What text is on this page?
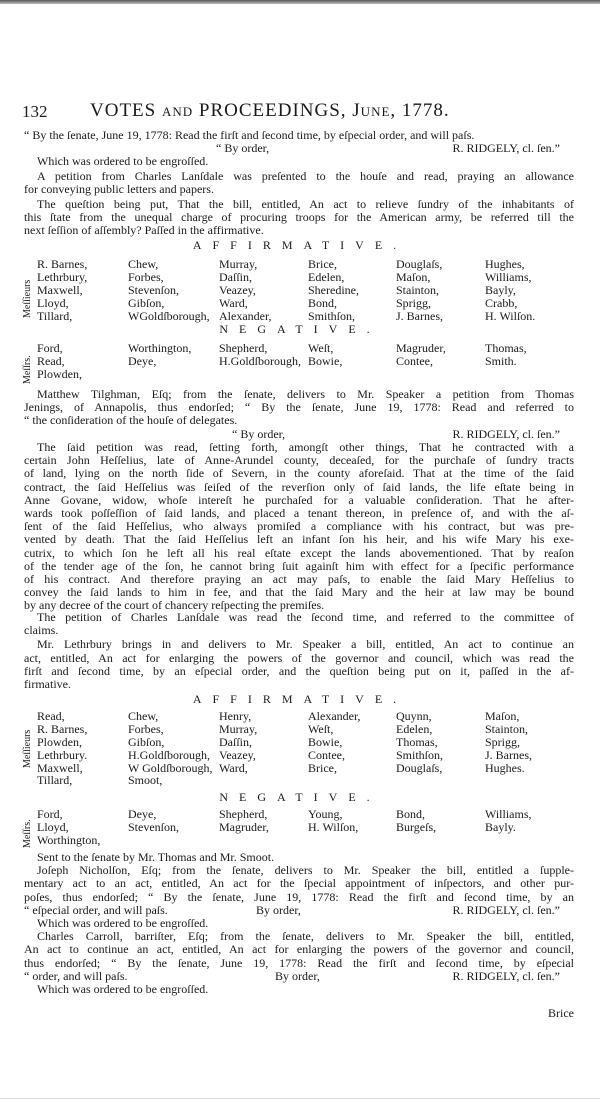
132 VOTES and PROCEEDINGS, June, 1778.
“ By the ſenate, June 19, 1778: Read the firſt and ſecond time, by eſpecial order, and will paſs.
“ By order,	R. RIDGELY, cl. ſen.”
Which was ordered to be engroſſed.
A petition from Charles Lanſdale was preſented to the houſe and read, praying an allowance
for conveying public letters and papers.
The queſtion being put, That the bill, entitled, An act to relieve ſundry of the inhabitants of
this ſtate from the unequal charge of procuring troops for the American army, be referred till the
next ſeſſion of aſſembly? Paſſed in the affirmative.
AFFIRMATIVE.
Meſſieurs
R. Barnes,	Chew,	Murray,	Brice,	Douglaſs,	Hughes,
Lethrbury,	Forbes,	Daſſin,	Edelen,	Maſon,	Williams,
Maxwell,	Stevenſon,	Veazey,	Sheredine,	Stainton,	Bayly,
Lloyd,	Gibſon,	Ward,	Bond,	Sprigg,	Crabb,
Tillard,	WGoldſborough, Alexander,	Smithſon,	J. Barnes,	H. Wilſon.
NEGATIVE.
Meſſrs.
Ford,	Worthington,	Shepherd,	Weſt,	Magruder,	Thomas,
Read,	Deye,	H.Goldſborough, Bowie,	Contee,	Smith.
Plowden,
Matthew Tilghman, Eſq; from the ſenate, delivers to Mr. Speaker a petition from Thomas
Jenings, of Annapolis, thus endorſed; “ By the ſenate, June 19, 1778: Read and referred to
“ the conſideration of the houſe of delegates.
“ By order,	R. RIDGELY, cl. ſen.”
The ſaid petition was read, ſetting forth, amongſt other things, That he contracted with a
certain John Heſſelius, late of Anne-Arundel county, deceaſed, for the purchaſe of ſundry tracts
of land, lying on the north ſide of Severn, in the county aforeſaid. That at the time of the ſaid
contract, the ſaid Heſſelius was ſeiſed of the reverſion only of ſaid lands, the life eſtate being in
Anne Govane, widow, whoſe intereſt he purchaſed for a valuable conſideration. That he after-
wards took poſſeſſion of ſaid lands, and placed a tenant thereon, in preſence of, and with the aſ-
ſent of the ſaid Heſſelius, who always promiſed a compliance with his contract, but was pre-
vented by death. That the ſaid Heſſelius left an infant ſon his heir, and his wife Mary his exe-
cutrix, to which ſon he left all his real eſtate except the lands abovementioned. That by reaſon
of the tender age of the ſon, he cannot bring ſuit againſt him with effect for a ſpecific performance
of his contract. And therefore praying an act may paſs, to enable the ſaid Mary Heſſelius to
convey the ſaid lands to him in fee, and that the ſaid Mary and the heir at law may be bound
by any decree of the court of chancery reſpecting the premiſes.
The petition of Charles Lanſdale was read the ſecond time, and referred to the committee of
claims.
Mr. Lethrbury brings in and delivers to Mr. Speaker a bill, entitled, An act to continue an
act, entitled, An act for enlarging the powers of the governor and council, which was read the
firſt and ſecond time, by an eſpecial order, and the queſtion being put on it, paſſed in the af-
firmative.
AFFIRMATIVE.
Meſſieurs
Read,	Chew,	Henry,	Alexander,	Quynn,	Maſon,
R. Barnes,	Forbes,	Murray,	Weſt,	Edelen,	Stainton,
Plowden,	Gibſon,	Daſſin,	Bowie,	Thomas,	Sprigg,
Lethrbury.	H.Goldſborough, Veazey,	Contee,	Smithſon,	J. Barnes,
Maxwell,	W Goldſborough, Ward,	Brice,	Douglaſs,	Hughes.
Tillard,	Smoot,
NEGATIVE.
Meſſrs.
Ford,	Deye,	Shepherd,	Young,	Bond,	Williams,
Lloyd,	Stevenſon,	Magruder,	H. Wilſon,	Burgeſs,	Bayly.
Worthington,
Sent to the ſenate by Mr. Thomas and Mr. Smoot.
Joſeph Nicholſon, Eſq; from the ſenate, delivers to Mr. Speaker the bill, entitled a ſupple-
mentary act to an act, entitled, An act for the ſpecial appointment of inſpectors, and other pur-
poſes, thus endorſed; “ By the ſenate, June 19, 1778: Read the firſt and ſecond time, by an
“ eſpecial order, and will paſs.	By order,	R. RIDGELY, cl. ſen.”
Which was ordered to be engroſſed.
Charles Carroll, barriſter, Eſq; from the ſenate, delivers to Mr. Speaker the bill, entitled,
An act to continue an act, entitled, An act for enlarging the powers of the governor and council,
thus endorſed; “ By the ſenate, June 19, 1778: Read the firſt and ſecond time, by eſpecial
“ order, and will paſs.	By order,	R. RIDGELY, cl. ſen.”
Which was ordered to be engroſſed.
Brice
